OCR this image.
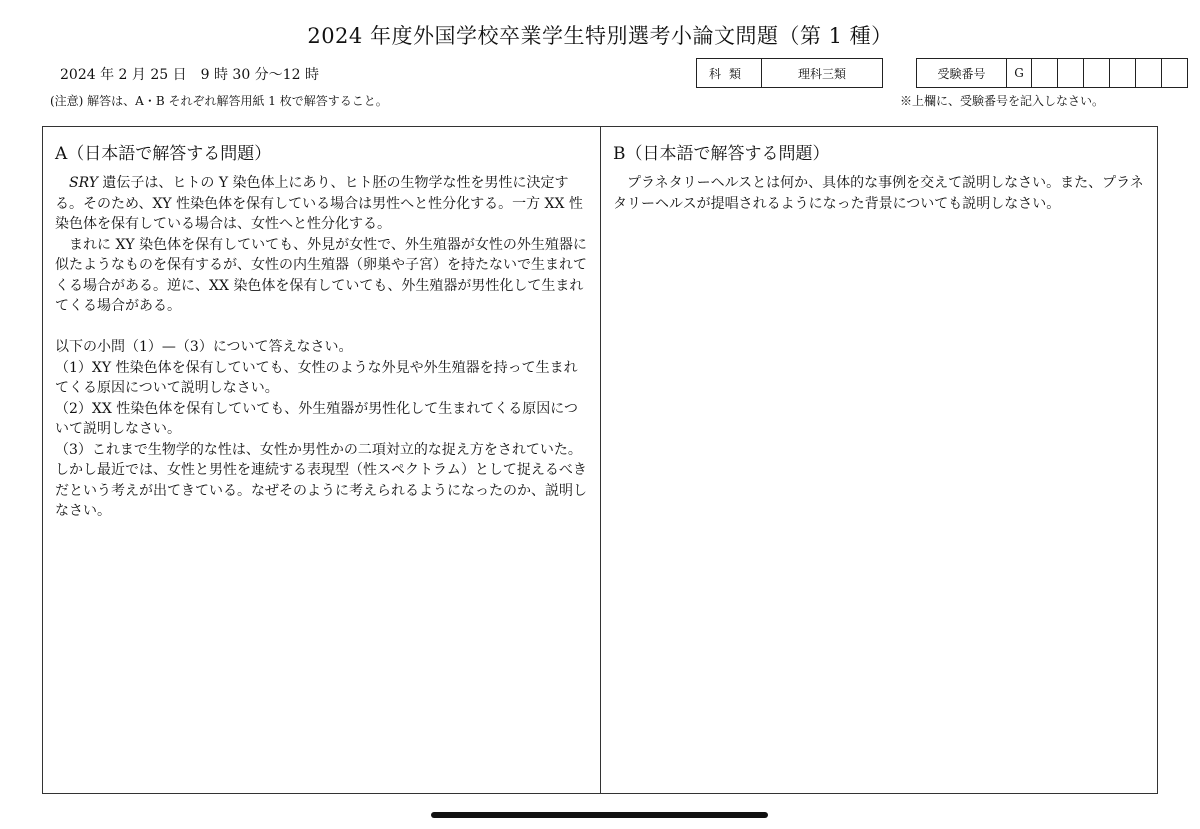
2024 年度外国学校卒業学生特別選考小論文問題（第 1 種）
2024 年 2 月 25 日　9 時 30 分〜12 時	科類	理科三類	受験番号	G						
(注意) 解答は、A・B それぞれ解答用紙 1 枚で解答すること。	※上欄に、受験番号を記入しなさい。
A（日本語で解答する問題）

SRY 遺伝子は、ヒトの Y 染色体上にあり、ヒト胚の生物学な性を男性に決定する。そのため、XY 性染色体を保有している場合は男性へと性分化する。一方 XX 性染色体を保有している場合は、女性へと性分化する。

まれに XY 染色体を保有していても、外見が女性で、外生殖器が女性の外生殖器に似たようなものを保有するが、女性の内生殖器（卵巣や子宮）を持たないで生まれてくる場合がある。逆に、XX 染色体を保有していても、外生殖器が男性化して生まれてくる場合がある。

以下の小問（1）—（3）について答えなさい。

（1）XY 性染色体を保有していても、女性のような外見や外生殖器を持って生まれてくる原因について説明しなさい。

（2）XX 性染色体を保有していても、外生殖器が男性化して生まれてくる原因について説明しなさい。

（3）これまで生物学的な性は、女性か男性かの二項対立的な捉え方をされていた。しかし最近では、女性と男性を連続する表現型（性スペクトラム）として捉えるべきだという考えが出てきている。なぜそのように考えられるようになったのか、説明しなさい。

B（日本語で解答する問題）

プラネタリーヘルスとは何か、具体的な事例を交えて説明しなさい。また、プラネタリーヘルスが提唱されるようになった背景についても説明しなさい。
